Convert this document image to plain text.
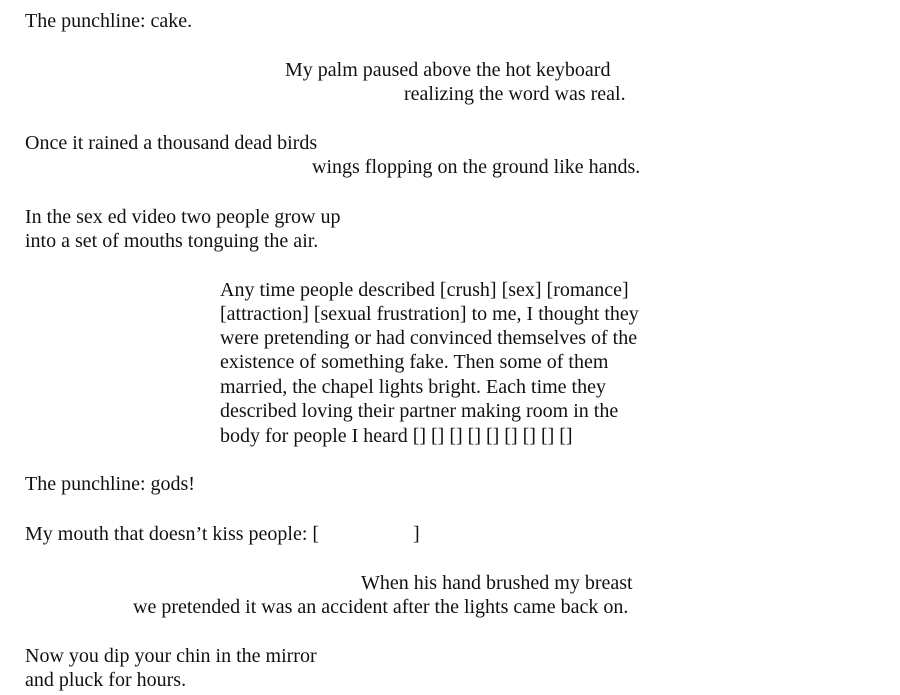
The punchline: cake.

My palm paused above the hot keyboard

realizing the word was real.

Once it rained a thousand dead birds

wings flopping on the ground like hands.

In the sex ed video two people grow up

into a set of mouths tonguing the air.

Any time people described [crush] [sex] [romance]

[attraction] [sexual frustration] to me, I thought they

were pretending or had convinced themselves of the

existence of something fake. Then some of them

married, the chapel lights bright. Each time they

described loving their partner making room in the

body for people I heard [] [] [] [] [] [] [] [] []

The punchline: gods!

My mouth that doesn’t kiss people: [	]

When his hand brushed my breast

we pretended it was an accident after the lights came back on.

Now you dip your chin in the mirror

and pluck for hours.
